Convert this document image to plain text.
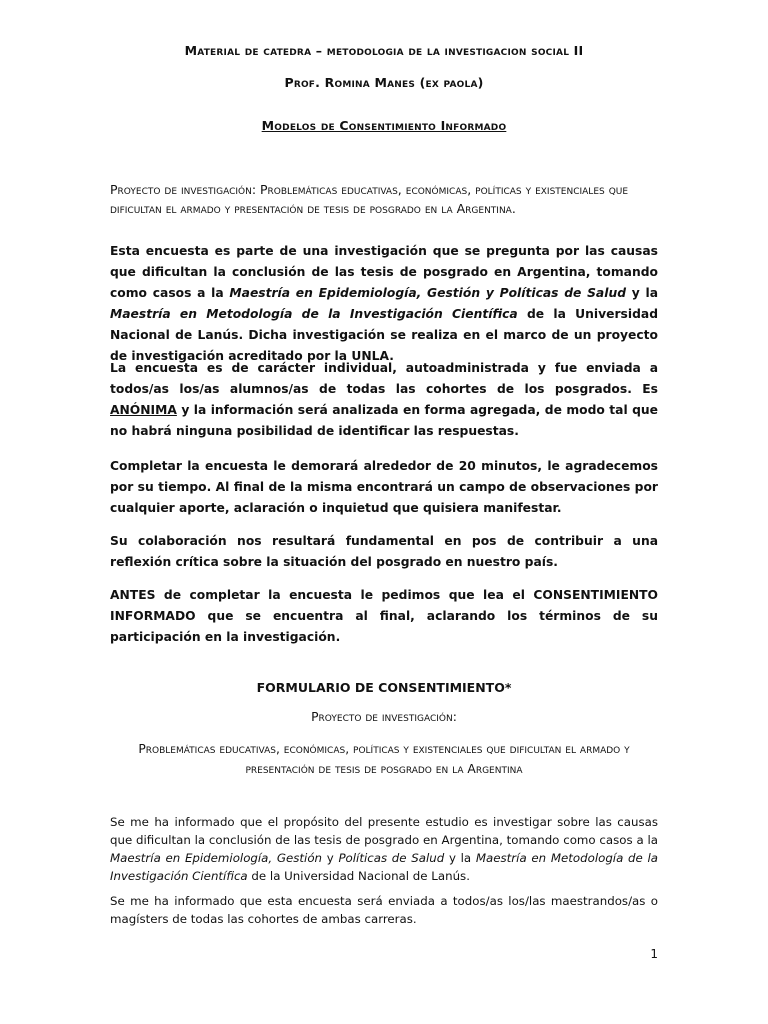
Material de catedra – metodologia de la investigacion social II
Prof. Romina Manes (ex paola)
Modelos de Consentimiento Informado
Proyecto de investigación: Problemáticas educativas, económicas, políticas y existenciales que dificultan el armado y presentación de tesis de posgrado en la Argentina.
Esta encuesta es parte de una investigación que se pregunta por las causas que dificultan la conclusión de las tesis de posgrado en Argentina, tomando como casos a la Maestría en Epidemiología, Gestión y Políticas de Salud y la Maestría en Metodología de la Investigación Científica de la Universidad Nacional de Lanús. Dicha investigación se realiza en el marco de un proyecto de investigación acreditado por la UNLA.
La encuesta es de carácter individual, autoadministrada y fue enviada a todos/as los/as alumnos/as de todas las cohortes de los posgrados. Es ANÓNIMA y la información será analizada en forma agregada, de modo tal que no habrá ninguna posibilidad de identificar las respuestas.
Completar la encuesta le demorará alrededor de 20 minutos, le agradecemos por su tiempo. Al final de la misma encontrará un campo de observaciones por cualquier aporte, aclaración o inquietud que quisiera manifestar.
Su colaboración nos resultará fundamental en pos de contribuir a una reflexión crítica sobre la situación del posgrado en nuestro país.
ANTES de completar la encuesta le pedimos que lea el CONSENTIMIENTO INFORMADO que se encuentra al final, aclarando los términos de su participación en la investigación.
FORMULARIO DE CONSENTIMIENTO*
Proyecto de investigación:
Problemáticas educativas, económicas, políticas y existenciales que dificultan el armado y presentación de tesis de posgrado en la Argentina
Se me ha informado que el propósito del presente estudio es investigar sobre las causas que dificultan la conclusión de las tesis de posgrado en Argentina, tomando como casos a la Maestría en Epidemiología, Gestión y Políticas de Salud y la Maestría en Metodología de la Investigación Científica de la Universidad Nacional de Lanús.
Se me ha informado que esta encuesta será enviada a todos/as los/las maestrandos/as o magísters de todas las cohortes de ambas carreras.
1
